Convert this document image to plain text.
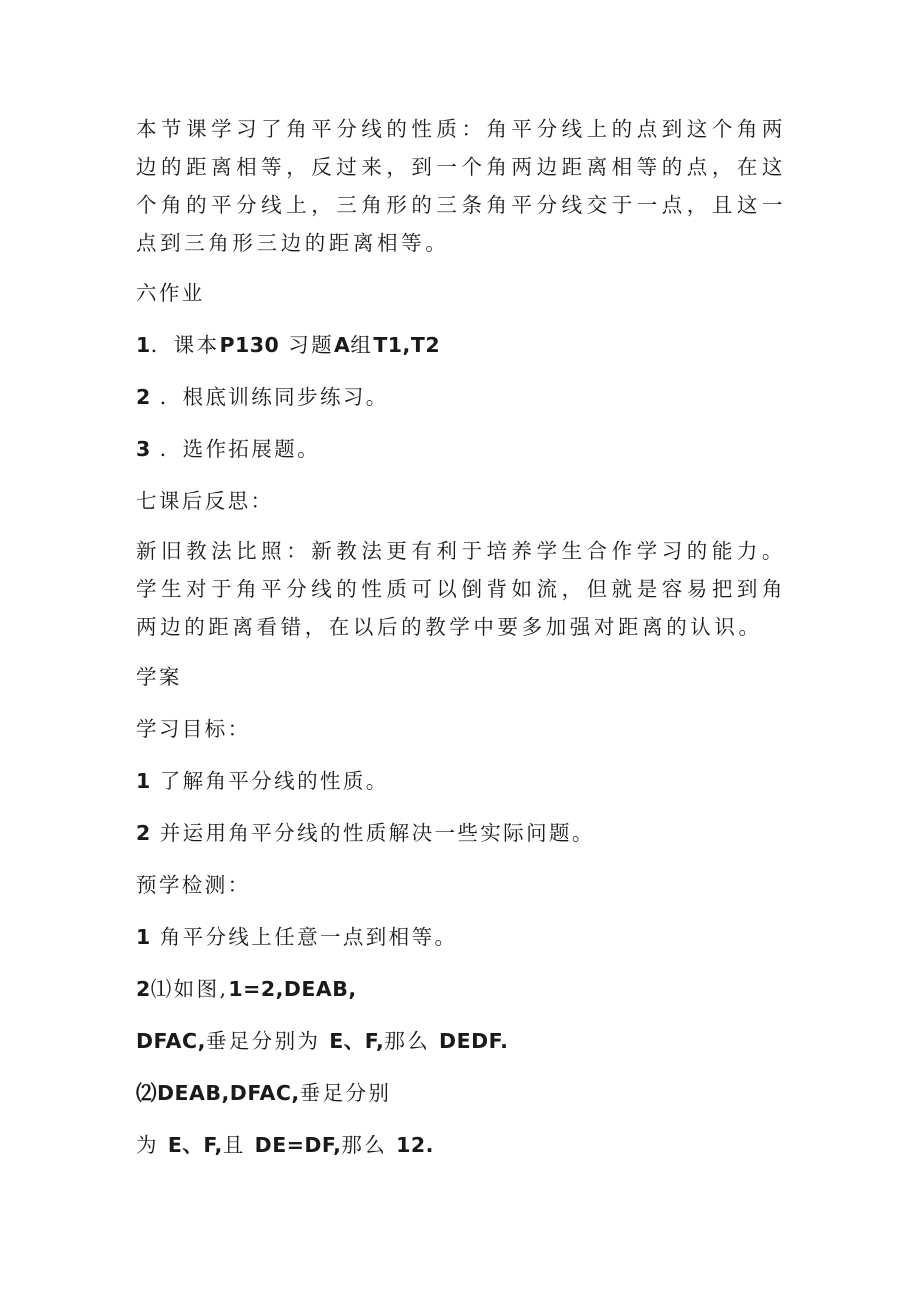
本节课学习了角平分线的性质：角平分线上的点到这个角两边的距离相等，反过来，到一个角两边距离相等的点，在这个角的平分线上，三角形的三条角平分线交于一点，且这一点到三角形三边的距离相等。

六作业

1．课本P130 习题A组T1,T2

2 ．根底训练同步练习。

3 ．选作拓展题。

七课后反思：

新旧教法比照：新教法更有利于培养学生合作学习的能力。学生对于角平分线的性质可以倒背如流，但就是容易把到角两边的距离看错，在以后的教学中要多加强对距离的认识。

学案

学习目标：

1 了解角平分线的性质。

2 并运用角平分线的性质解决一些实际问题。

预学检测：

1 角平分线上任意一点到相等。

2⑴如图,1=2,DEAB,

DFAC,垂足分别为 E、F,那么 DEDF.

⑵DEAB,DFAC,垂足分别

为 E、F,且 DE=DF,那么 12.
